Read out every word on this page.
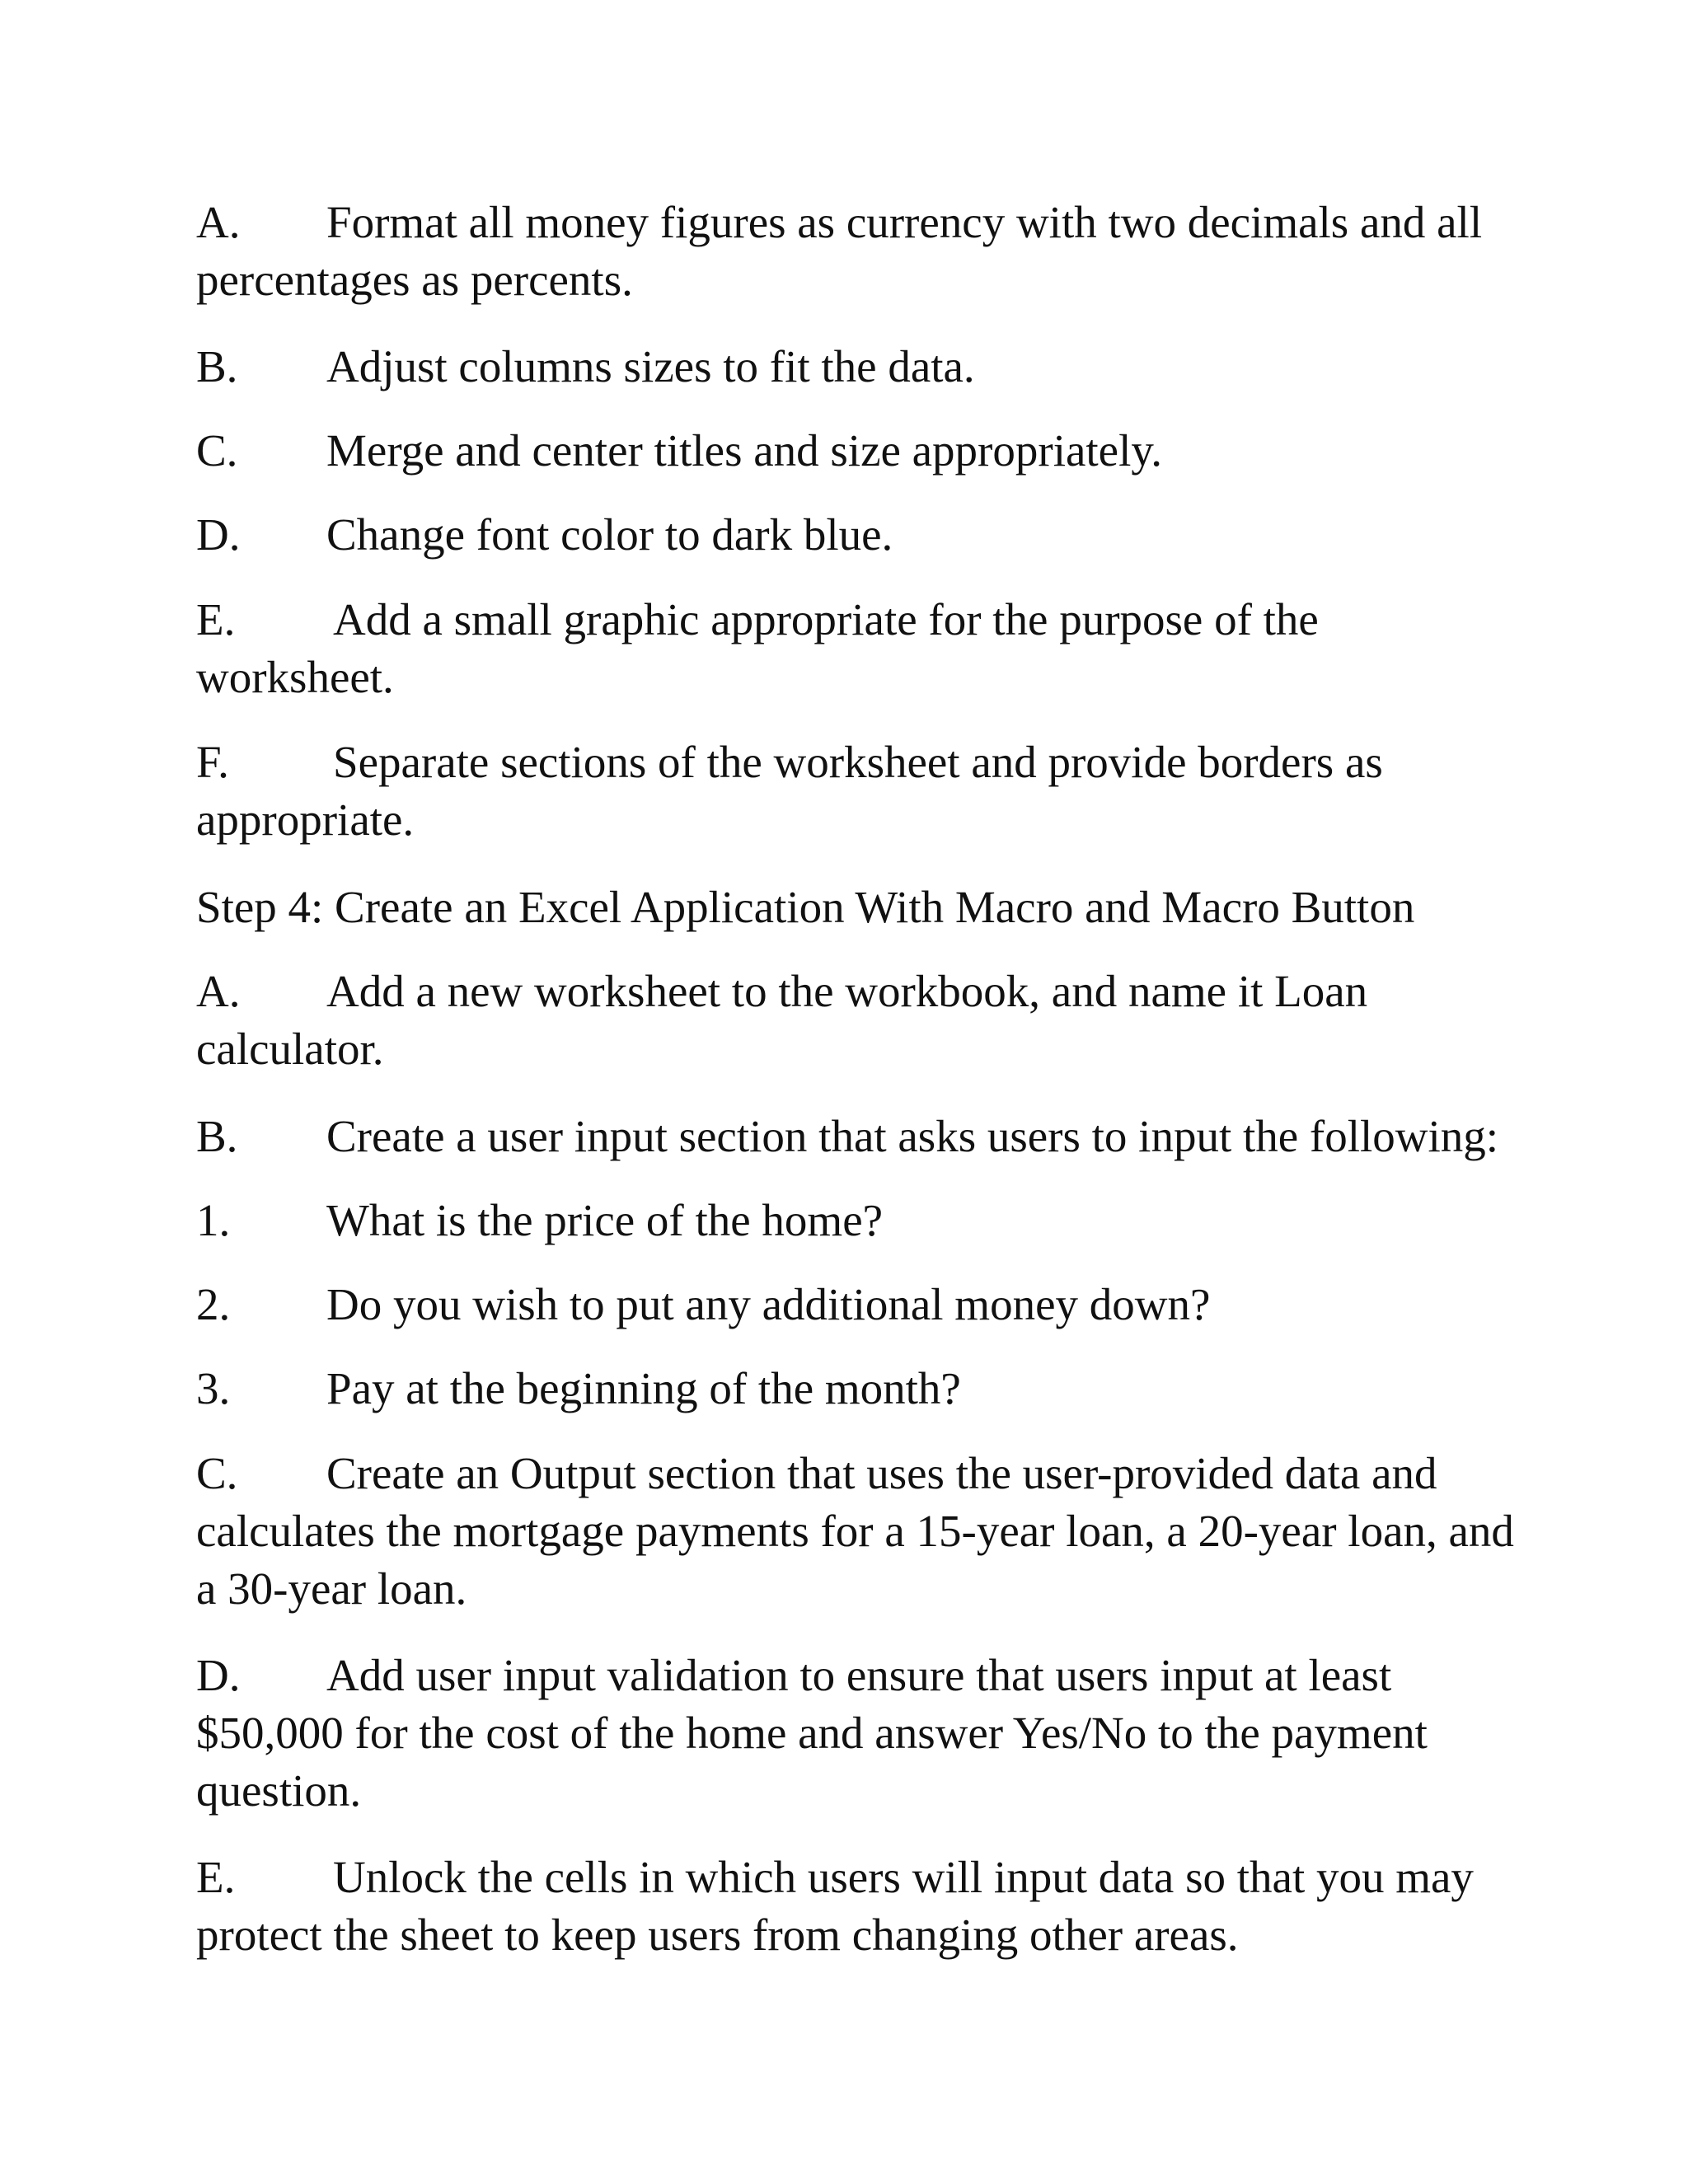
A. Format all money figures as currency with two decimals and all
percentages as percents.

B. Adjust columns sizes to fit the data.

C. Merge and center titles and size appropriately.

D. Change font color to dark blue.

E. Add a small graphic appropriate for the purpose of the
worksheet.

F. Separate sections of the worksheet and provide borders as
appropriate.

Step 4: Create an Excel Application With Macro and Macro Button

A. Add a new worksheet to the workbook, and name it Loan
calculator.

B. Create a user input section that asks users to input the following:

1. What is the price of the home?

2. Do you wish to put any additional money down?

3. Pay at the beginning of the month?

C. Create an Output section that uses the user-provided data and
calculates the mortgage payments for a 15-year loan, a 20-year loan, and
a 30-year loan.

D. Add user input validation to ensure that users input at least
$50,000 for the cost of the home and answer Yes/No to the payment
question.

E. Unlock the cells in which users will input data so that you may
protect the sheet to keep users from changing other areas.
